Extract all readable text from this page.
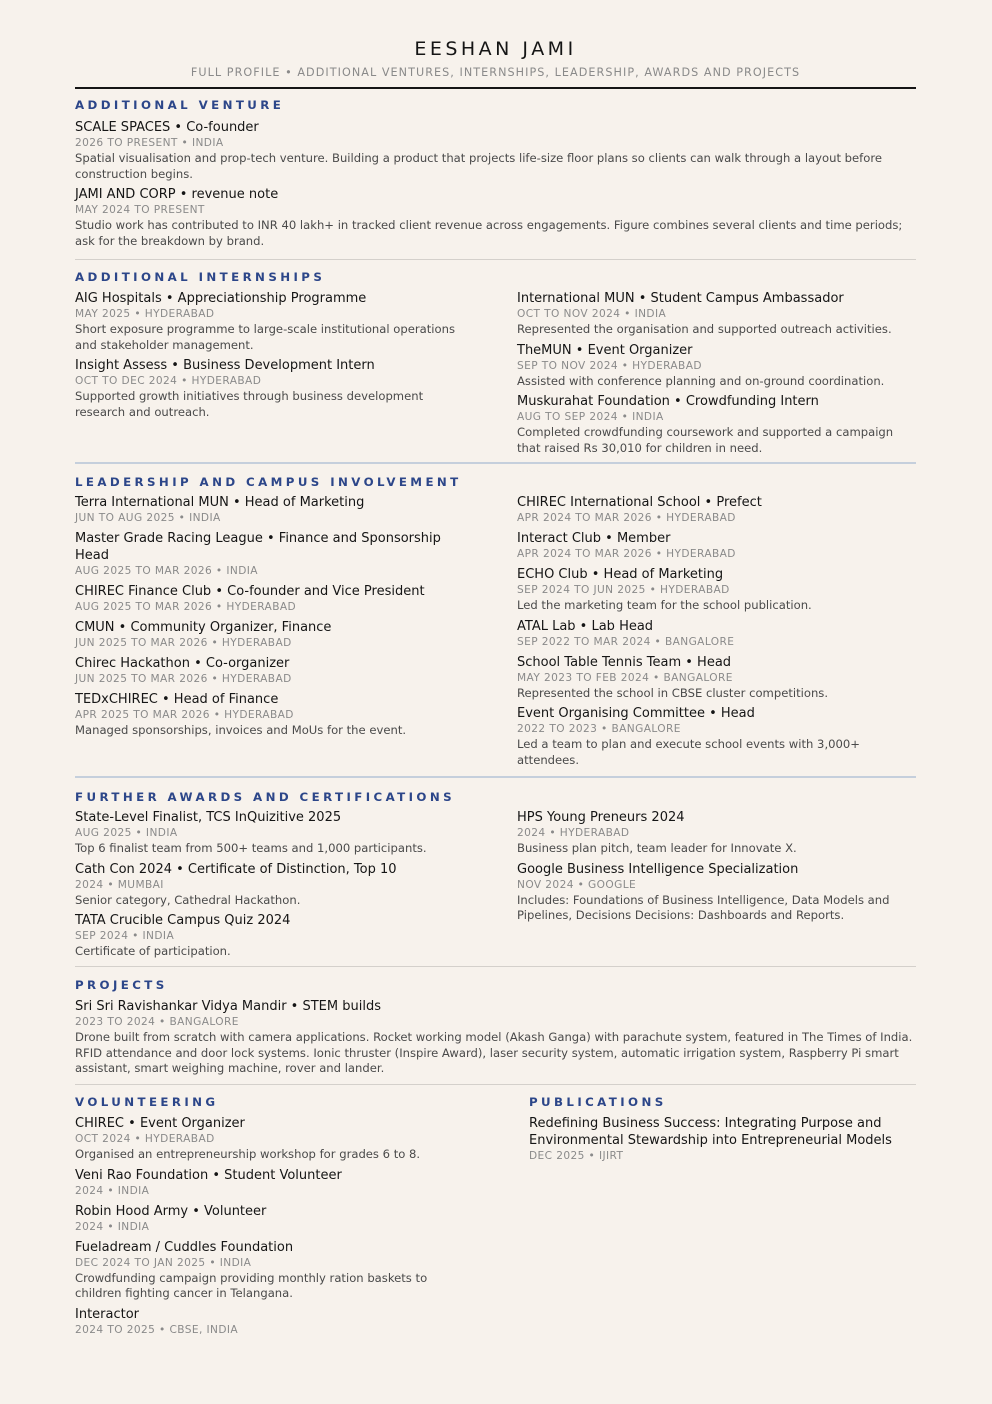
EESHAN JAMI
FULL PROFILE • ADDITIONAL VENTURES, INTERNSHIPS, LEADERSHIP, AWARDS AND PROJECTS
ADDITIONAL VENTURE
SCALE SPACES • Co-founder
2026 TO PRESENT • INDIA
Spatial visualisation and prop-tech venture. Building a product that projects life-size floor plans so clients can walk through a layout before construction begins.
JAMI AND CORP • revenue note
MAY 2024 TO PRESENT
Studio work has contributed to INR 40 lakh+ in tracked client revenue across engagements. Figure combines several clients and time periods; ask for the breakdown by brand.
ADDITIONAL INTERNSHIPS
AIG Hospitals • Appreciationship Programme
MAY 2025 • HYDERABAD
Short exposure programme to large-scale institutional operations and stakeholder management.
Insight Assess • Business Development Intern
OCT TO DEC 2024 • HYDERABAD
Supported growth initiatives through business development research and outreach.
International MUN • Student Campus Ambassador
OCT TO NOV 2024 • INDIA
Represented the organisation and supported outreach activities.
TheMUN • Event Organizer
SEP TO NOV 2024 • HYDERABAD
Assisted with conference planning and on-ground coordination.
Muskurahat Foundation • Crowdfunding Intern
AUG TO SEP 2024 • INDIA
Completed crowdfunding coursework and supported a campaign that raised Rs 30,010 for children in need.
LEADERSHIP AND CAMPUS INVOLVEMENT
Terra International MUN • Head of Marketing
JUN TO AUG 2025 • INDIA
Master Grade Racing League • Finance and Sponsorship Head
AUG 2025 TO MAR 2026 • INDIA
CHIREC Finance Club • Co-founder and Vice President
AUG 2025 TO MAR 2026 • HYDERABAD
CMUN • Community Organizer, Finance
JUN 2025 TO MAR 2026 • HYDERABAD
Chirec Hackathon • Co-organizer
JUN 2025 TO MAR 2026 • HYDERABAD
TEDxCHIREC • Head of Finance
APR 2025 TO MAR 2026 • HYDERABAD
Managed sponsorships, invoices and MoUs for the event.
CHIREC International School • Prefect
APR 2024 TO MAR 2026 • HYDERABAD
Interact Club • Member
APR 2024 TO MAR 2026 • HYDERABAD
ECHO Club • Head of Marketing
SEP 2024 TO JUN 2025 • HYDERABAD
Led the marketing team for the school publication.
ATAL Lab • Lab Head
SEP 2022 TO MAR 2024 • BANGALORE
School Table Tennis Team • Head
MAY 2023 TO FEB 2024 • BANGALORE
Represented the school in CBSE cluster competitions.
Event Organising Committee • Head
2022 TO 2023 • BANGALORE
Led a team to plan and execute school events with 3,000+ attendees.
FURTHER AWARDS AND CERTIFICATIONS
State-Level Finalist, TCS InQuizitive 2025
AUG 2025 • INDIA
Top 6 finalist team from 500+ teams and 1,000 participants.
Cath Con 2024 • Certificate of Distinction, Top 10
2024 • MUMBAI
Senior category, Cathedral Hackathon.
TATA Crucible Campus Quiz 2024
SEP 2024 • INDIA
Certificate of participation.
HPS Young Preneurs 2024
2024 • HYDERABAD
Business plan pitch, team leader for Innovate X.
Google Business Intelligence Specialization
NOV 2024 • GOOGLE
Includes: Foundations of Business Intelligence, Data Models and Pipelines, Decisions Decisions: Dashboards and Reports.
PROJECTS
Sri Sri Ravishankar Vidya Mandir • STEM builds
2023 TO 2024 • BANGALORE
Drone built from scratch with camera applications. Rocket working model (Akash Ganga) with parachute system, featured in The Times of India. RFID attendance and door lock systems. Ionic thruster (Inspire Award), laser security system, automatic irrigation system, Raspberry Pi smart assistant, smart weighing machine, rover and lander.
VOLUNTEERING
CHIREC • Event Organizer
OCT 2024 • HYDERABAD
Organised an entrepreneurship workshop for grades 6 to 8.
Veni Rao Foundation • Student Volunteer
2024 • INDIA
Robin Hood Army • Volunteer
2024 • INDIA
Fueladream / Cuddles Foundation
DEC 2024 TO JAN 2025 • INDIA
Crowdfunding campaign providing monthly ration baskets to children fighting cancer in Telangana.
Interactor
2024 TO 2025 • CBSE, INDIA
PUBLICATIONS
Redefining Business Success: Integrating Purpose and Environmental Stewardship into Entrepreneurial Models
DEC 2025 • IJIRT
